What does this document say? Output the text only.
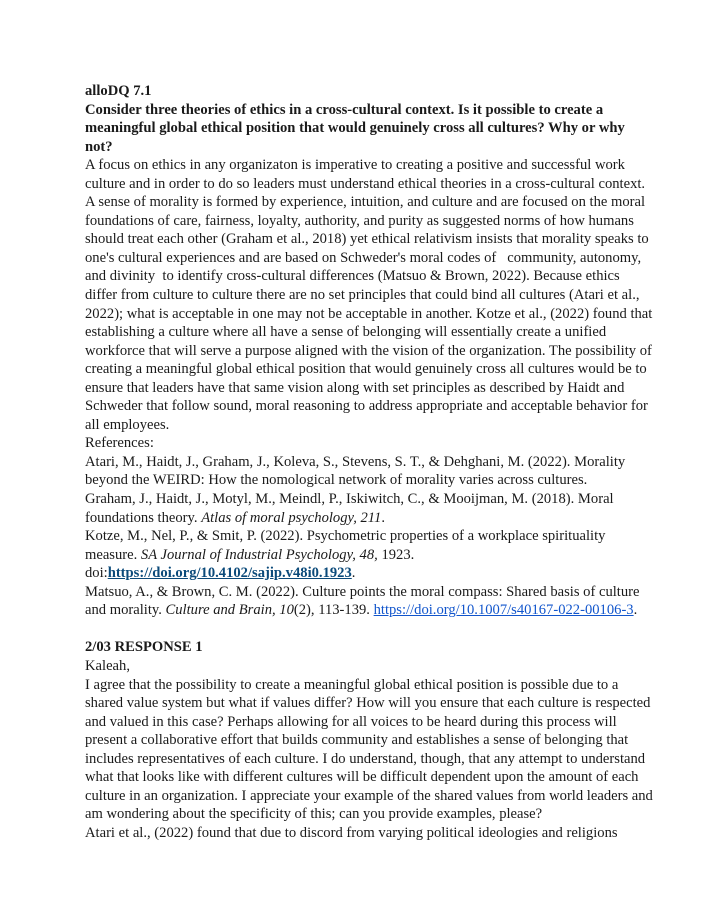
alloDQ 7.1
Consider three theories of ethics in a cross-cultural context. Is it possible to create a
meaningful global ethical position that would genuinely cross all cultures? Why or why
not?
A focus on ethics in any organizaton is imperative to creating a positive and successful work
culture and in order to do so leaders must understand ethical theories in a cross-cultural context.
A sense of morality is formed by experience, intuition, and culture and are focused on the moral
foundations of care, fairness, loyalty, authority, and purity as suggested norms of how humans
should treat each other (Graham et al., 2018) yet ethical relativism insists that morality speaks to
one's cultural experiences and are based on Schweder's moral codes of   community, autonomy,
and divinity  to identify cross-cultural differences (Matsuo & Brown, 2022). Because ethics
differ from culture to culture there are no set principles that could bind all cultures (Atari et al.,
2022); what is acceptable in one may not be acceptable in another. Kotze et al., (2022) found that
establishing a culture where all have a sense of belonging will essentially create a unified
workforce that will serve a purpose aligned with the vision of the organization. The possibility of
creating a meaningful global ethical position that would genuinely cross all cultures would be to
ensure that leaders have that same vision along with set principles as described by Haidt and
Schweder that follow sound, moral reasoning to address appropriate and acceptable behavior for
all employees.
References:
Atari, M., Haidt, J., Graham, J., Koleva, S., Stevens, S. T., & Dehghani, M. (2022). Morality
beyond the WEIRD: How the nomological network of morality varies across cultures.
Graham, J., Haidt, J., Motyl, M., Meindl, P., Iskiwitch, C., & Mooijman, M. (2018). Moral
foundations theory. Atlas of moral psychology, 211.
Kotze, M., Nel, P., & Smit, P. (2022). Psychometric properties of a workplace spirituality
measure. SA Journal of Industrial Psychology, 48, 1923.
doi:https://doi.org/10.4102/sajip.v48i0.1923.
Matsuo, A., & Brown, C. M. (2022). Culture points the moral compass: Shared basis of culture
and morality. Culture and Brain, 10(2), 113-139. https://doi.org/10.1007/s40167-022-00106-3.
2/03 RESPONSE 1
Kaleah,
I agree that the possibility to create a meaningful global ethical position is possible due to a
shared value system but what if values differ? How will you ensure that each culture is respected
and valued in this case? Perhaps allowing for all voices to be heard during this process will
present a collaborative effort that builds community and establishes a sense of belonging that
includes representatives of each culture. I do understand, though, that any attempt to understand
what that looks like with different cultures will be difficult dependent upon the amount of each
culture in an organization. I appreciate your example of the shared values from world leaders and
am wondering about the specificity of this; can you provide examples, please?
Atari et al., (2022) found that due to discord from varying political ideologies and religions
